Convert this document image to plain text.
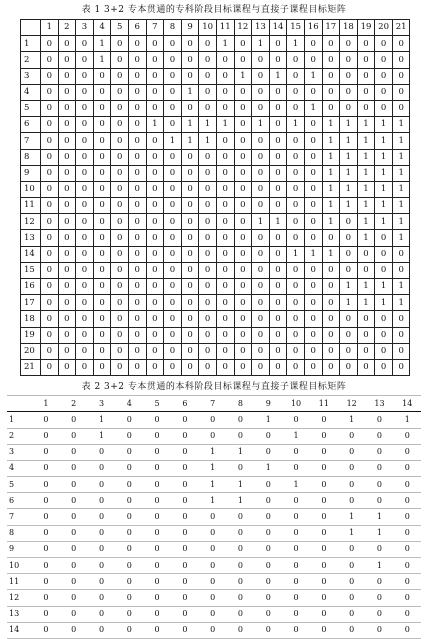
表 1 3+2 专本贯通的专科阶段目标课程与直接子课程目标矩阵
	1	2	3	4	5	6	7	8	9	10	11	12	13	14	15	16	17	18	19	20	21
1	0	0	0	1	0	0	0	0	0	0	1	0	1	0	1	0	0	0	0	0	0
2	0	0	0	1	0	0	0	0	0	0	0	0	0	0	0	0	0	0	0	0	0
3	0	0	0	0	0	0	0	0	0	0	0	1	0	1	0	1	0	0	0	0	0
4	0	0	0	0	0	0	0	0	1	0	0	0	0	0	0	0	0	0	0	0	0
5	0	0	0	0	0	0	0	0	0	0	0	0	0	0	0	1	0	0	0	0	0
6	0	0	0	0	0	0	1	0	1	1	1	0	1	0	1	0	1	1	1	1	1
7	0	0	0	0	0	0	0	1	1	1	0	0	0	0	0	0	1	1	1	1	1
8	0	0	0	0	0	0	0	0	0	0	0	0	0	0	0	0	1	1	1	1	1
9	0	0	0	0	0	0	0	0	0	0	0	0	0	0	0	0	1	1	1	1	1
10	0	0	0	0	0	0	0	0	0	0	0	0	0	0	0	0	1	1	1	1	1
11	0	0	0	0	0	0	0	0	0	0	0	0	0	0	0	0	1	1	1	1	1
12	0	0	0	0	0	0	0	0	0	0	0	0	1	1	0	0	1	0	1	1	1
13	0	0	0	0	0	0	0	0	0	0	0	0	0	0	0	0	0	0	1	0	1
14	0	0	0	0	0	0	0	0	0	0	0	0	0	0	1	1	1	0	0	0	0
15	0	0	0	0	0	0	0	0	0	0	0	0	0	0	0	0	0	0	0	0	0
16	0	0	0	0	0	0	0	0	0	0	0	0	0	0	0	0	0	1	1	1	1
17	0	0	0	0	0	0	0	0	0	0	0	0	0	0	0	0	0	1	1	1	1
18	0	0	0	0	0	0	0	0	0	0	0	0	0	0	0	0	0	0	0	0	0
19	0	0	0	0	0	0	0	0	0	0	0	0	0	0	0	0	0	0	0	0	0
20	0	0	0	0	0	0	0	0	0	0	0	0	0	0	0	0	0	0	0	0	0
21	0	0	0	0	0	0	0	0	0	0	0	0	0	0	0	0	0	0	0	0	0
表 2 3+2 专本贯通的本科阶段目标课程与直接子课程目标矩阵
	1	2	3	4	5	6	7	8	9	10	11	12	13	14
1	0	0	1	0	0	0	0	0	1	0	0	1	0	1
2	0	0	1	0	0	0	0	0	0	1	0	0	0	0
3	0	0	0	0	0	0	1	1	0	0	0	0	0	0
4	0	0	0	0	0	0	1	0	1	0	0	0	0	0
5	0	0	0	0	0	0	1	1	0	1	0	0	0	0
6	0	0	0	0	0	0	1	1	0	0	0	0	0	0
7	0	0	0	0	0	0	0	0	0	0	0	1	1	0
8	0	0	0	0	0	0	0	0	0	0	0	1	1	0
9	0	0	0	0	0	0	0	0	0	0	0	0	0	0
10	0	0	0	0	0	0	0	0	0	0	0	0	1	0
11	0	0	0	0	0	0	0	0	0	0	0	0	0	0
12	0	0	0	0	0	0	0	0	0	0	0	0	0	0
13	0	0	0	0	0	0	0	0	0	0	0	0	0	0
14	0	0	0	0	0	0	0	0	0	0	0	0	0	0
